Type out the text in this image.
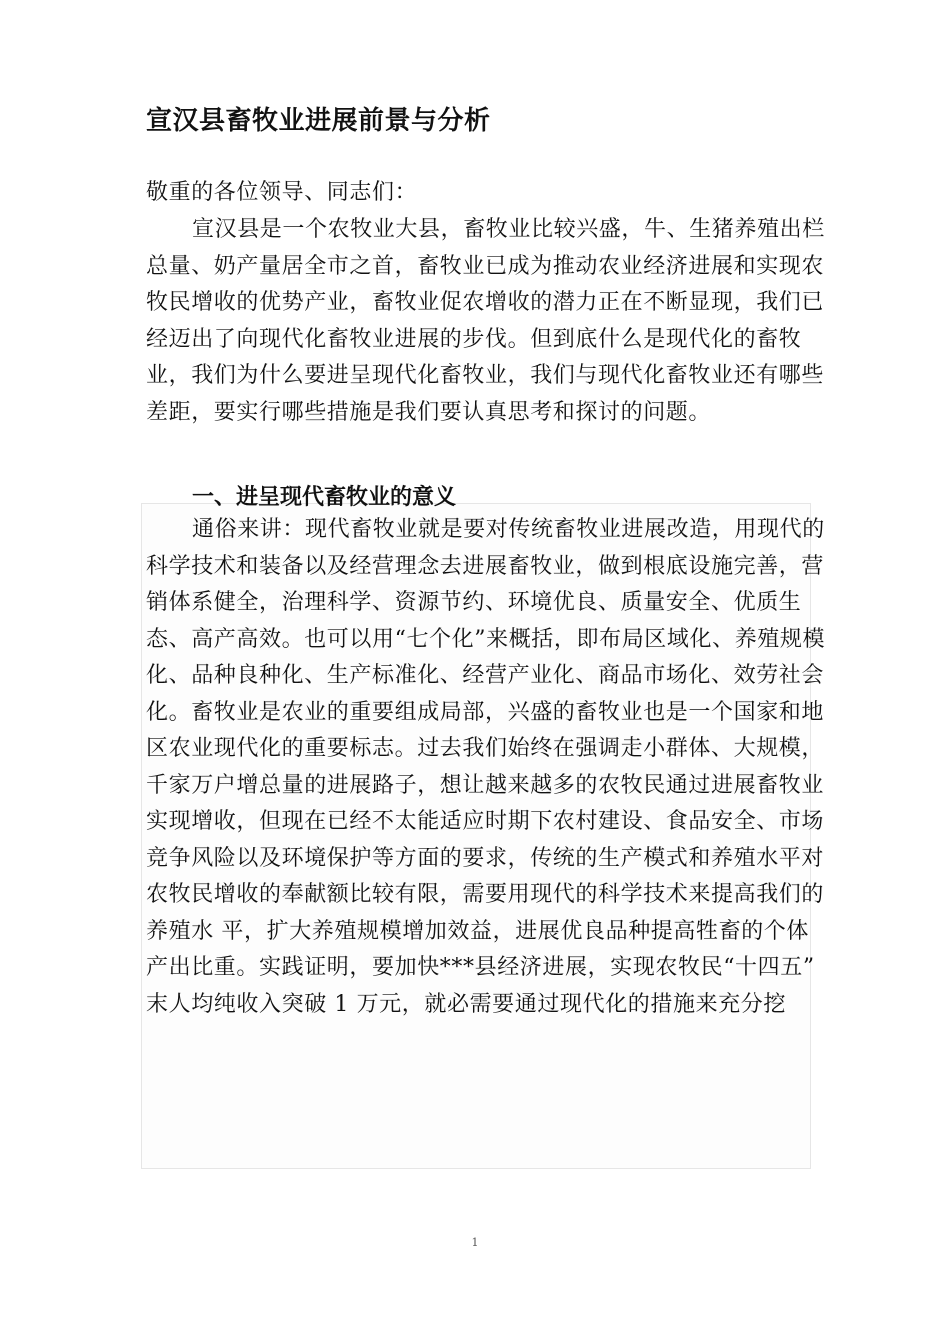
宣汉县畜牧业进展前景与分析

敬重的各位领导、同志们：

宣汉县是一个农牧业大县，畜牧业比较兴盛，牛、生猪养殖出栏总量、奶产量居全市之首，畜牧业已成为推动农业经济进展和实现农牧民增收的优势产业，畜牧业促农增收的潜力正在不断显现，我们已经迈出了向现代化畜牧业进展的步伐。但到底什么是现代化的畜牧业，我们为什么要进呈现代化畜牧业，我们与现代化畜牧业还有哪些差距，要实行哪些措施是我们要认真思考和探讨的问题。

一、进呈现代畜牧业的意义

通俗来讲：现代畜牧业就是要对传统畜牧业进展改造，用现代的科学技术和装备以及经营理念去进展畜牧业，做到根底设施完善，营销体系健全，治理科学、资源节约、环境优良、质量安全、优质生态、高产高效。也可以用“七个化”来概括，即布局区域化、养殖规模化、品种良种化、生产标准化、经营产业化、商品市场化、效劳社会化。畜牧业是农业的重要组成局部，兴盛的畜牧业也是一个国家和地区农业现代化的重要标志。过去我们始终在强调走小群体、大规模，千家万户增总量的进展路子，想让越来越多的农牧民通过进展畜牧业实现增收，但现在已经不太能适应时期下农村建设、食品安全、市场竞争风险以及环境保护等方面的要求，传统的生产模式和养殖水平对农牧民增收的奉献额比较有限，需要用现代的科学技术来提高我们的养殖水 平，扩大养殖规模增加效益，进展优良品种提高牲畜的个体产出比重。实践证明，要加快***县经济进展，实现农牧民“十四五” 末人均纯收入突破 1 万元，就必需要通过现代化的措施来充分挖

1
